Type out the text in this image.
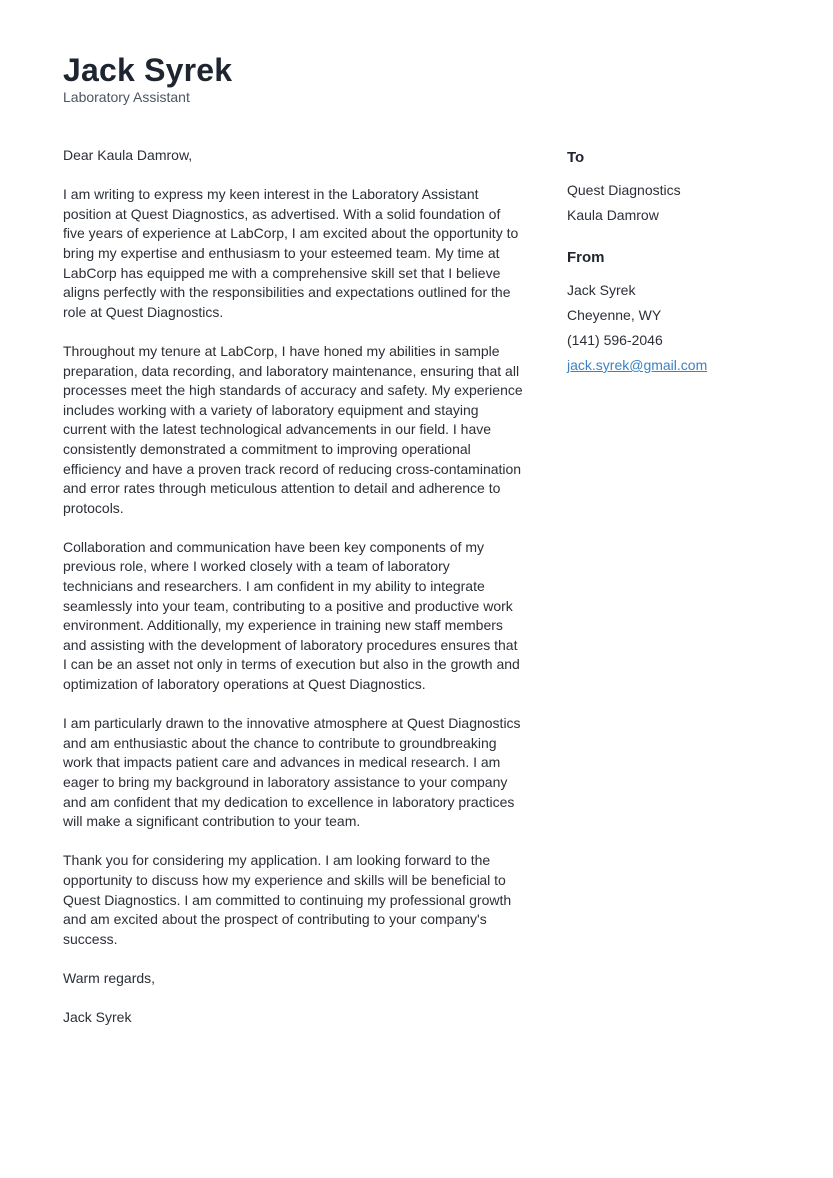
Jack Syrek
Laboratory Assistant

Dear Kaula Damrow,

I am writing to express my keen interest in the Laboratory Assistant position at Quest Diagnostics, as advertised. With a solid foundation of five years of experience at LabCorp, I am excited about the opportunity to bring my expertise and enthusiasm to your esteemed team. My time at LabCorp has equipped me with a comprehensive skill set that I believe aligns perfectly with the responsibilities and expectations outlined for the role at Quest Diagnostics.

Throughout my tenure at LabCorp, I have honed my abilities in sample preparation, data recording, and laboratory maintenance, ensuring that all processes meet the high standards of accuracy and safety. My experience includes working with a variety of laboratory equipment and staying current with the latest technological advancements in our field. I have consistently demonstrated a commitment to improving operational efficiency and have a proven track record of reducing cross-contamination and error rates through meticulous attention to detail and adherence to protocols.

Collaboration and communication have been key components of my previous role, where I worked closely with a team of laboratory technicians and researchers. I am confident in my ability to integrate seamlessly into your team, contributing to a positive and productive work environment. Additionally, my experience in training new staff members and assisting with the development of laboratory procedures ensures that I can be an asset not only in terms of execution but also in the growth and optimization of laboratory operations at Quest Diagnostics.

I am particularly drawn to the innovative atmosphere at Quest Diagnostics and am enthusiastic about the chance to contribute to groundbreaking work that impacts patient care and advances in medical research. I am eager to bring my background in laboratory assistance to your company and am confident that my dedication to excellence in laboratory practices will make a significant contribution to your team.

Thank you for considering my application. I am looking forward to the opportunity to discuss how my experience and skills will be beneficial to Quest Diagnostics. I am committed to continuing my professional growth and am excited about the prospect of contributing to your company's success.

Warm regards,

Jack Syrek

To
Quest Diagnostics
Kaula Damrow
From
Jack Syrek
Cheyenne, WY
(141) 596-2046
jack.syrek@gmail.com
